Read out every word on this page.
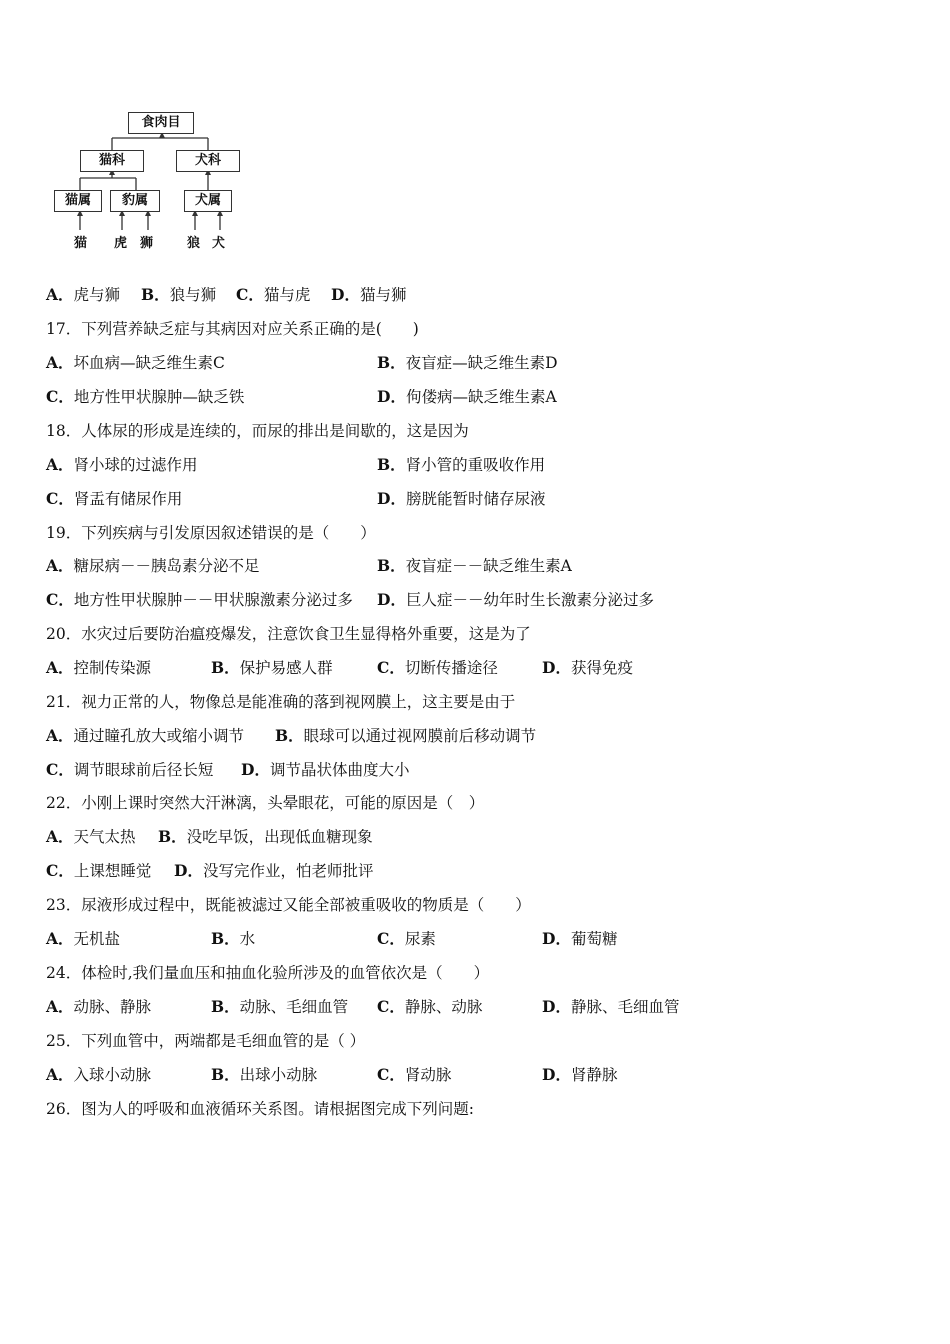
食肉目
猫科	犬科
猫属	豹属	犬属
猫 虎 狮	狼 犬
A．虎与狮 B．狼与狮 C．猫与虎 D．猫与狮
17．下列营养缺乏症与其病因对应关系正确的是(　　)
A．坏血病—缺乏维生素C	B．夜盲症—缺乏维生素D
C．地方性甲状腺肿—缺乏铁	D．佝偻病—缺乏维生素A
18．人体尿的形成是连续的，而尿的排出是间歇的，这是因为
A．肾小球的过滤作用	B．肾小管的重吸收作用
C．肾盂有储尿作用	D．膀胱能暂时储存尿液
19．下列疾病与引发原因叙述错误的是（　　）
A．糖尿病－－胰岛素分泌不足	B．夜盲症－－缺乏维生素A
C．地方性甲状腺肿－－甲状腺激素分泌过多 D．巨人症－－幼年时生长激素分泌过多
20．水灾过后要防治瘟疫爆发，注意饮食卫生显得格外重要，这是为了
A．控制传染源	B．保护易感人群	C．切断传播途径	D．获得免疫
21．视力正常的人，物像总是能准确的落到视网膜上，这主要是由于
A．通过瞳孔放大或缩小调节 B．眼球可以通过视网膜前后移动调节
C．调节眼球前后径长短 D．调节晶状体曲度大小
22．小刚上课时突然大汗淋漓，头晕眼花，可能的原因是（　）
A．天气太热 B．没吃早饭，出现低血糖现象
C．上课想睡觉 D．没写完作业，怕老师批评
23．尿液形成过程中，既能被滤过又能全部被重吸收的物质是（　　）
A．无机盐	B．水	C．尿素	D．葡萄糖
24．体检时,我们量血压和抽血化验所涉及的血管依次是（　　）
A．动脉、静脉	B．动脉、毛细血管 C．静脉、动脉	D．静脉、毛细血管
25．下列血管中，两端都是毛细血管的是（ ）
A．入球小动脉	B．出球小动脉	C．肾动脉	D．肾静脉
26．图为人的呼吸和血液循环关系图。请根据图完成下列问题:
